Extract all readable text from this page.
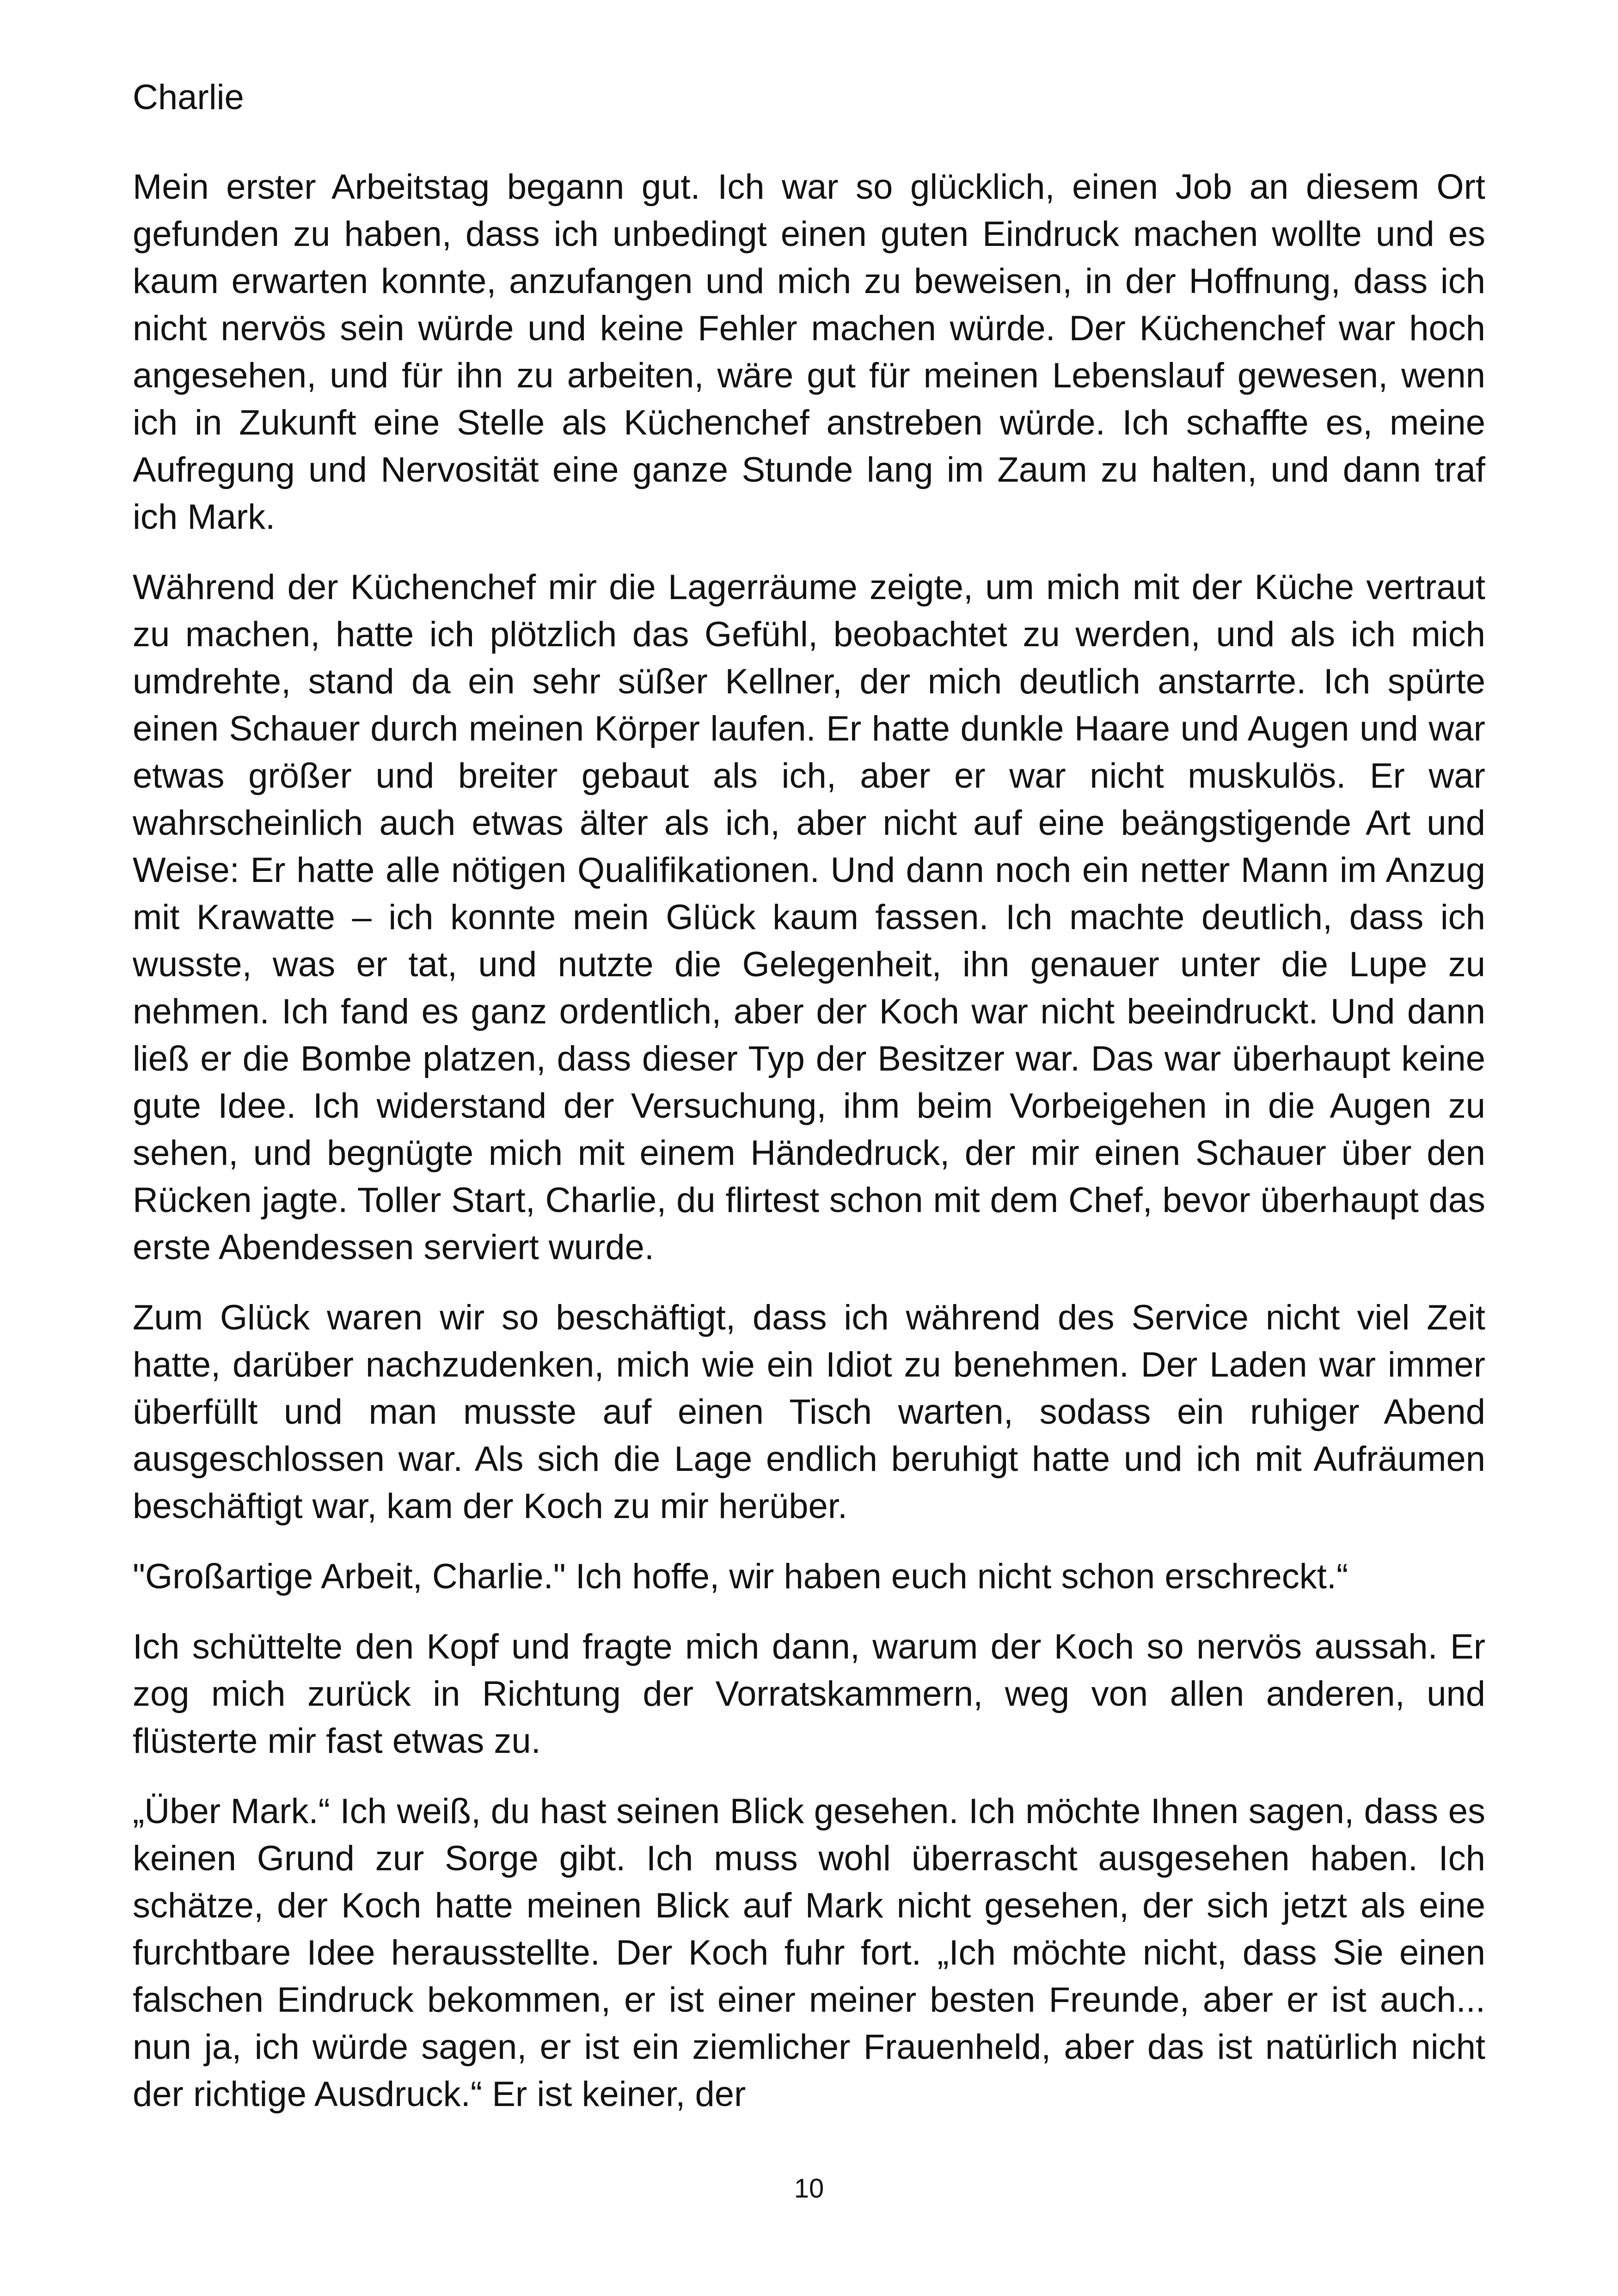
Charlie

Mein erster Arbeitstag begann gut. Ich war so glücklich, einen Job an diesem Ort gefunden zu haben, dass ich unbedingt einen guten Eindruck machen wollte und es kaum erwarten konnte, anzufangen und mich zu beweisen, in der Hoffnung, dass ich nicht nervös sein würde und keine Fehler machen würde. Der Küchenchef war hoch angesehen, und für ihn zu arbeiten, wäre gut für meinen Lebenslauf gewesen, wenn ich in Zukunft eine Stelle als Küchenchef anstreben würde. Ich schaffte es, meine Aufregung und Nervosität eine ganze Stunde lang im Zaum zu halten, und dann traf ich Mark.

Während der Küchenchef mir die Lagerräume zeigte, um mich mit der Küche vertraut zu machen, hatte ich plötzlich das Gefühl, beobachtet zu werden, und als ich mich umdrehte, stand da ein sehr süßer Kellner, der mich deutlich anstarrte. Ich spürte einen Schauer durch meinen Körper laufen. Er hatte dunkle Haare und Augen und war etwas größer und breiter gebaut als ich, aber er war nicht muskulös. Er war wahrscheinlich auch etwas älter als ich, aber nicht auf eine beängstigende Art und Weise: Er hatte alle nötigen Qualifikationen. Und dann noch ein netter Mann im Anzug mit Krawatte – ich konnte mein Glück kaum fassen. Ich machte deutlich, dass ich wusste, was er tat, und nutzte die Gelegenheit, ihn genauer unter die Lupe zu nehmen. Ich fand es ganz ordentlich, aber der Koch war nicht beeindruckt. Und dann ließ er die Bombe platzen, dass dieser Typ der Besitzer war. Das war überhaupt keine gute Idee. Ich widerstand der Versuchung, ihm beim Vorbeigehen in die Augen zu sehen, und begnügte mich mit einem Händedruck, der mir einen Schauer über den Rücken jagte. Toller Start, Charlie, du flirtest schon mit dem Chef, bevor überhaupt das erste Abendessen serviert wurde.

Zum Glück waren wir so beschäftigt, dass ich während des Service nicht viel Zeit hatte, darüber nachzudenken, mich wie ein Idiot zu benehmen. Der Laden war immer überfüllt und man musste auf einen Tisch warten, sodass ein ruhiger Abend ausgeschlossen war. Als sich die Lage endlich beruhigt hatte und ich mit Aufräumen beschäftigt war, kam der Koch zu mir herüber.

"Großartige Arbeit, Charlie." Ich hoffe, wir haben euch nicht schon erschreckt.“

Ich schüttelte den Kopf und fragte mich dann, warum der Koch so nervös aussah. Er zog mich zurück in Richtung der Vorratskammern, weg von allen anderen, und flüsterte mir fast etwas zu.

„Über Mark.“ Ich weiß, du hast seinen Blick gesehen. Ich möchte Ihnen sagen, dass es keinen Grund zur Sorge gibt. Ich muss wohl überrascht ausgesehen haben. Ich schätze, der Koch hatte meinen Blick auf Mark nicht gesehen, der sich jetzt als eine furchtbare Idee herausstellte. Der Koch fuhr fort. „Ich möchte nicht, dass Sie einen falschen Eindruck bekommen, er ist einer meiner besten Freunde, aber er ist auch... nun ja, ich würde sagen, er ist ein ziemlicher Frauenheld, aber das ist natürlich nicht der richtige Ausdruck.“ Er ist keiner, der

10
